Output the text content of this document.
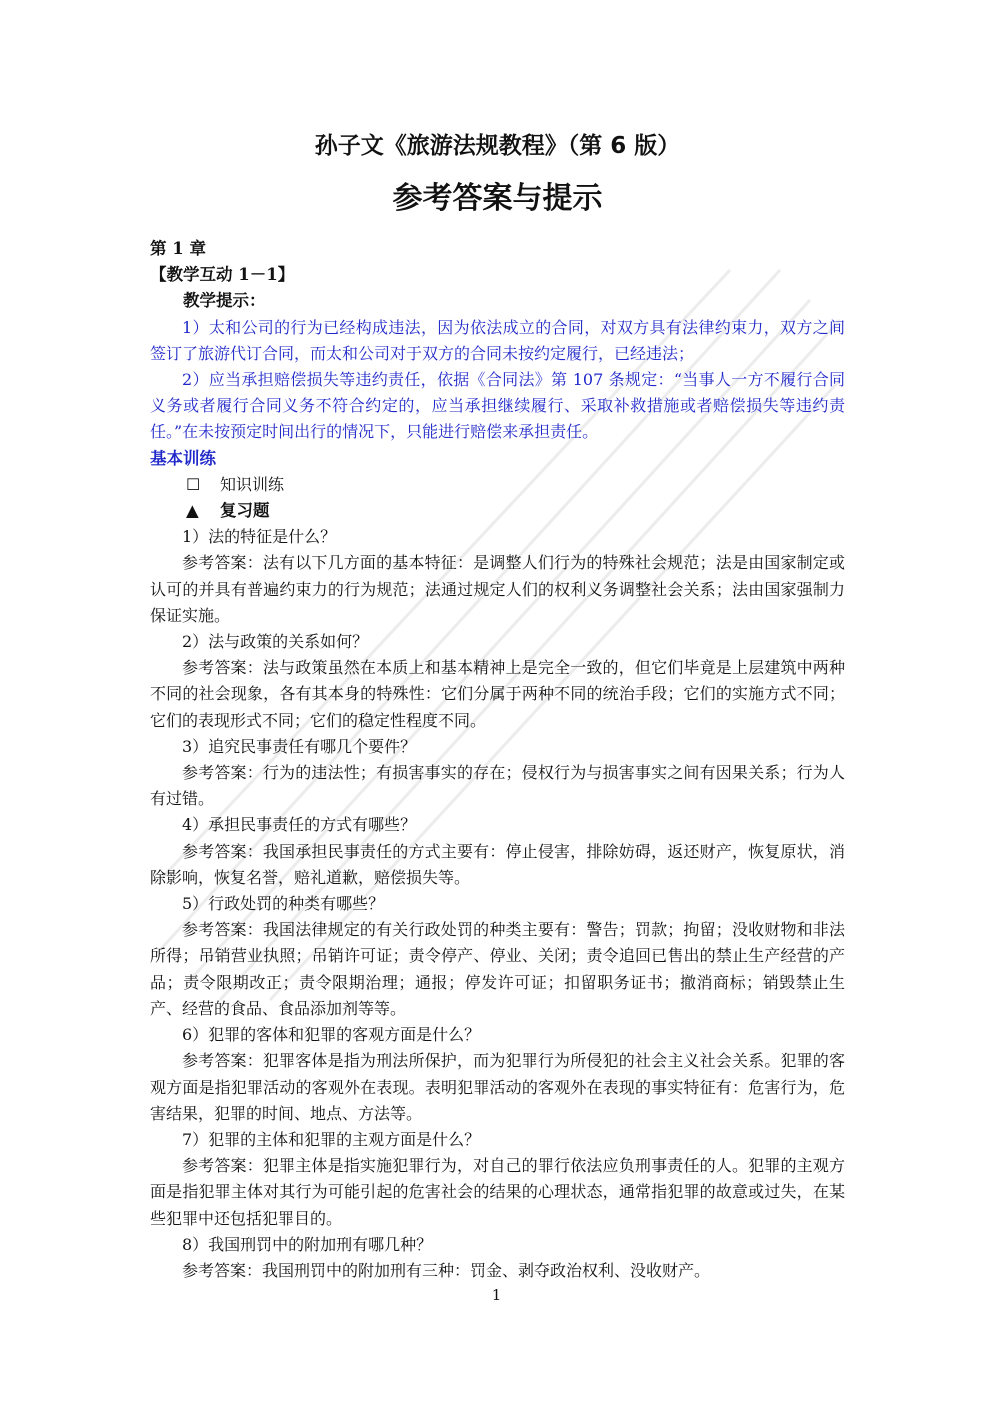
孙子文《旅游法规教程》（第 6 版）
参考答案与提示

第 1 章

【教学互动 1－1】

教学提示：

1）太和公司的行为已经构成违法，因为依法成立的合同，对双方具有法律约束力，双方之间签订了旅游代订合同，而太和公司对于双方的合同未按约定履行，已经违法；

2）应当承担赔偿损失等违约责任，依据《合同法》第 107 条规定：“当事人一方不履行合同义务或者履行合同义务不符合约定的，应当承担继续履行、采取补救措施或者赔偿损失等违约责任。”在未按预定时间出行的情况下，只能进行赔偿来承担责任。

基本训练

☐ 知识训练

▲ 复习题

1）法的特征是什么？

参考答案：法有以下几方面的基本特征：是调整人们行为的特殊社会规范；法是由国家制定或认可的并具有普遍约束力的行为规范；法通过规定人们的权利义务调整社会关系；法由国家强制力保证实施。

2）法与政策的关系如何？

参考答案：法与政策虽然在本质上和基本精神上是完全一致的，但它们毕竟是上层建筑中两种不同的社会现象，各有其本身的特殊性：它们分属于两种不同的统治手段；它们的实施方式不同；它们的表现形式不同；它们的稳定性程度不同。

3）追究民事责任有哪几个要件？

参考答案：行为的违法性；有损害事实的存在；侵权行为与损害事实之间有因果关系；行为人有过错。

4）承担民事责任的方式有哪些？

参考答案：我国承担民事责任的方式主要有：停止侵害，排除妨碍，返还财产，恢复原状，消除影响，恢复名誉，赔礼道歉，赔偿损失等。

5）行政处罚的种类有哪些？

参考答案：我国法律规定的有关行政处罚的种类主要有：警告；罚款；拘留；没收财物和非法所得；吊销营业执照；吊销许可证；责令停产、停业、关闭；责令追回已售出的禁止生产经营的产品；责令限期改正；责令限期治理；通报；停发许可证；扣留职务证书；撤消商标；销毁禁止生产、经营的食品、食品添加剂等等。

6）犯罪的客体和犯罪的客观方面是什么？

参考答案：犯罪客体是指为刑法所保护，而为犯罪行为所侵犯的社会主义社会关系。犯罪的客观方面是指犯罪活动的客观外在表现。表明犯罪活动的客观外在表现的事实特征有：危害行为，危害结果，犯罪的时间、地点、方法等。

7）犯罪的主体和犯罪的主观方面是什么？

参考答案：犯罪主体是指实施犯罪行为，对自己的罪行依法应负刑事责任的人。犯罪的主观方面是指犯罪主体对其行为可能引起的危害社会的结果的心理状态，通常指犯罪的故意或过失，在某些犯罪中还包括犯罪目的。

8）我国刑罚中的附加刑有哪几种？

参考答案：我国刑罚中的附加刑有三种：罚金、剥夺政治权利、没收财产。

1
